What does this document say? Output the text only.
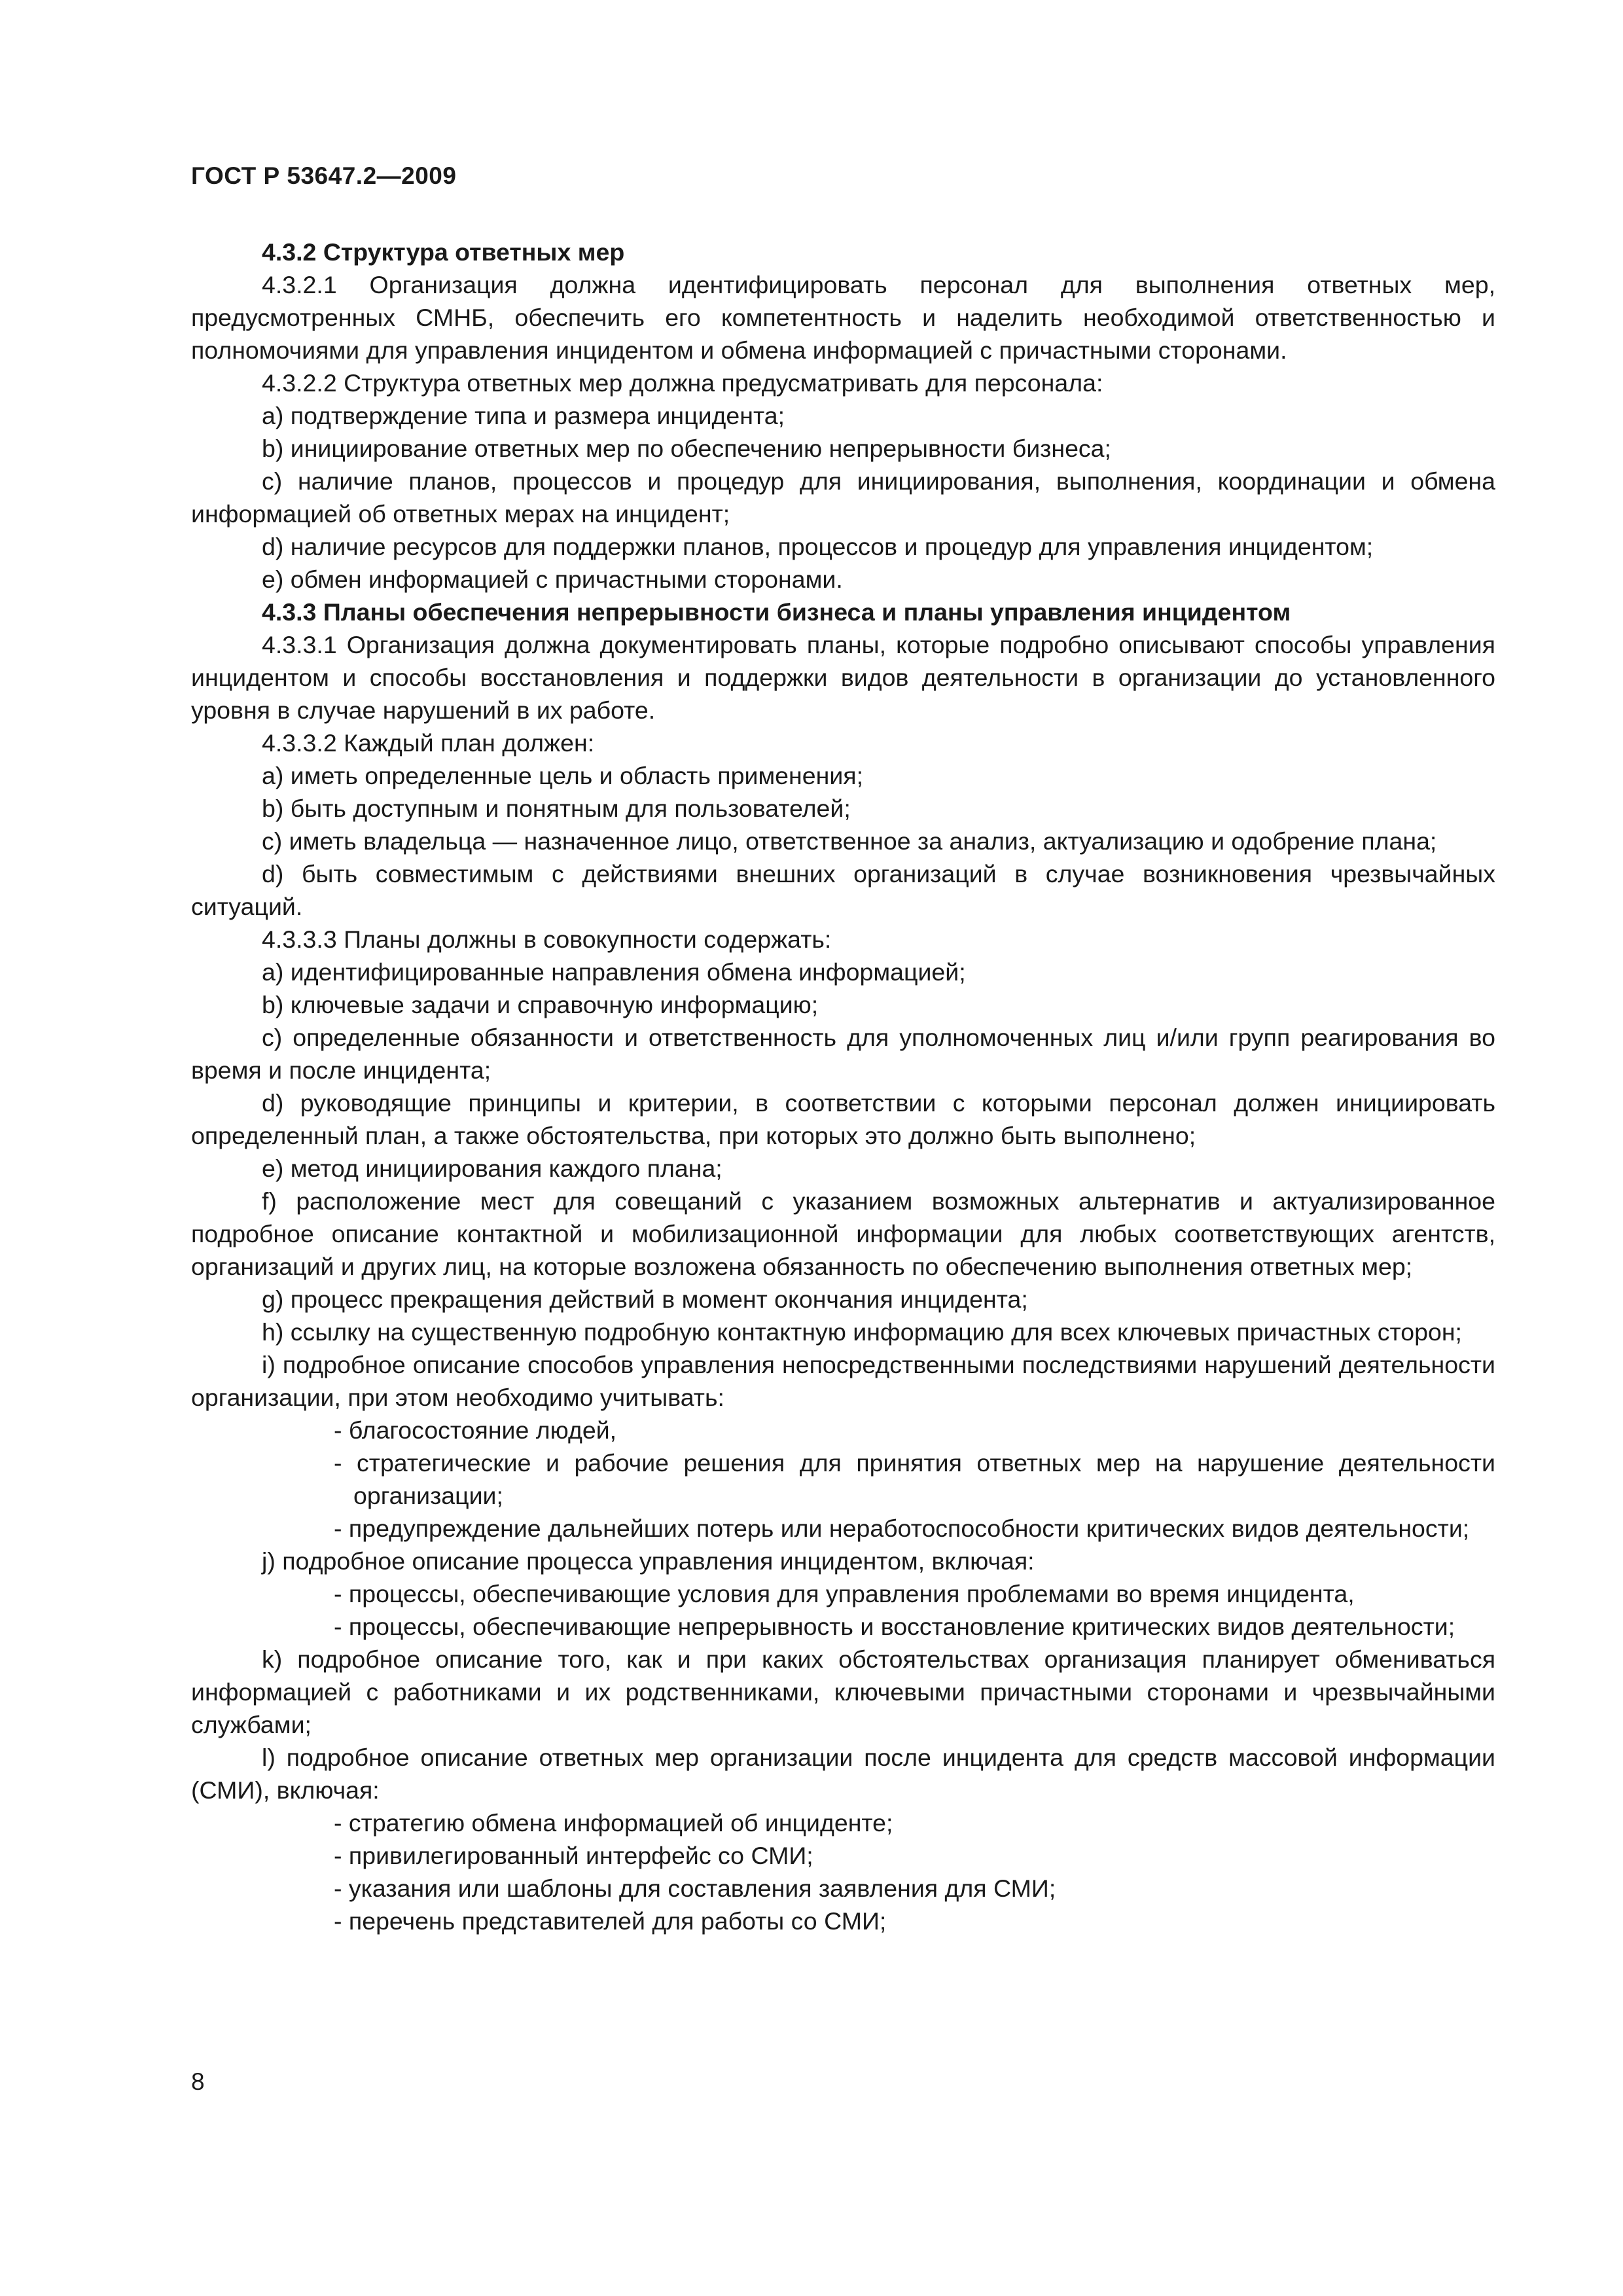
ГОСТ Р 53647.2—2009

4.3.2 Структура ответных мер

4.3.2.1 Организация должна идентифицировать персонал для выполнения ответных мер, предусмотренных СМНБ, обеспечить его компетентность и наделить необходимой ответственностью и полномочиями для управления инцидентом и обмена информацией с причастными сторонами.

4.3.2.2 Структура ответных мер должна предусматривать для персонала:

a) подтверждение типа и размера инцидента;

b) инициирование ответных мер по обеспечению непрерывности бизнеса;

c) наличие планов, процессов и процедур для инициирования, выполнения, координации и обмена информацией об ответных мерах на инцидент;

d) наличие ресурсов для поддержки планов, процессов и процедур для управления инцидентом;

e) обмен информацией с причастными сторонами.

4.3.3 Планы обеспечения непрерывности бизнеса и планы управления инцидентом

4.3.3.1 Организация должна документировать планы, которые подробно описывают способы управления инцидентом и способы восстановления и поддержки видов деятельности в организации до установленного уровня в случае нарушений в их работе.

4.3.3.2 Каждый план должен:

a) иметь определенные цель и область применения;

b) быть доступным и понятным для пользователей;

c) иметь владельца — назначенное лицо, ответственное за анализ, актуализацию и одобрение плана;

d) быть совместимым с действиями внешних организаций в случае возникновения чрезвычайных ситуаций.

4.3.3.3 Планы должны в совокупности содержать:

a) идентифицированные направления обмена информацией;

b) ключевые задачи и справочную информацию;

c) определенные обязанности и ответственность для уполномоченных лиц и/или групп реагирования во время и после инцидента;

d) руководящие принципы и критерии, в соответствии с которыми персонал должен инициировать определенный план, а также обстоятельства, при которых это должно быть выполнено;

e) метод инициирования каждого плана;

f) расположение мест для совещаний с указанием возможных альтернатив и актуализированное подробное описание контактной и мобилизационной информации для любых соответствующих агентств, организаций и других лиц, на которые возложена обязанность по обеспечению выполнения ответных мер;

g) процесс прекращения действий в момент окончания инцидента;

h) ссылку на существенную подробную контактную информацию для всех ключевых причастных сторон;

i) подробное описание способов управления непосредственными последствиями нарушений деятельности организации, при этом необходимо учитывать:

- благосостояние людей,

- стратегические и рабочие решения для принятия ответных мер на нарушение деятельности организации;

- предупреждение дальнейших потерь или неработоспособности критических видов деятельности;

j) подробное описание процесса управления инцидентом, включая:

- процессы, обеспечивающие условия для управления проблемами во время инцидента,

- процессы, обеспечивающие непрерывность и восстановление критических видов деятельности;

k) подробное описание того, как и при каких обстоятельствах организация планирует обмениваться информацией с работниками и их родственниками, ключевыми причастными сторонами и чрезвычайными службами;

l) подробное описание ответных мер организации после инцидента для средств массовой информации (СМИ), включая:

- стратегию обмена информацией об инциденте;

- привилегированный интерфейс со СМИ;

- указания или шаблоны для составления заявления для СМИ;

- перечень представителей для работы со СМИ;

8
